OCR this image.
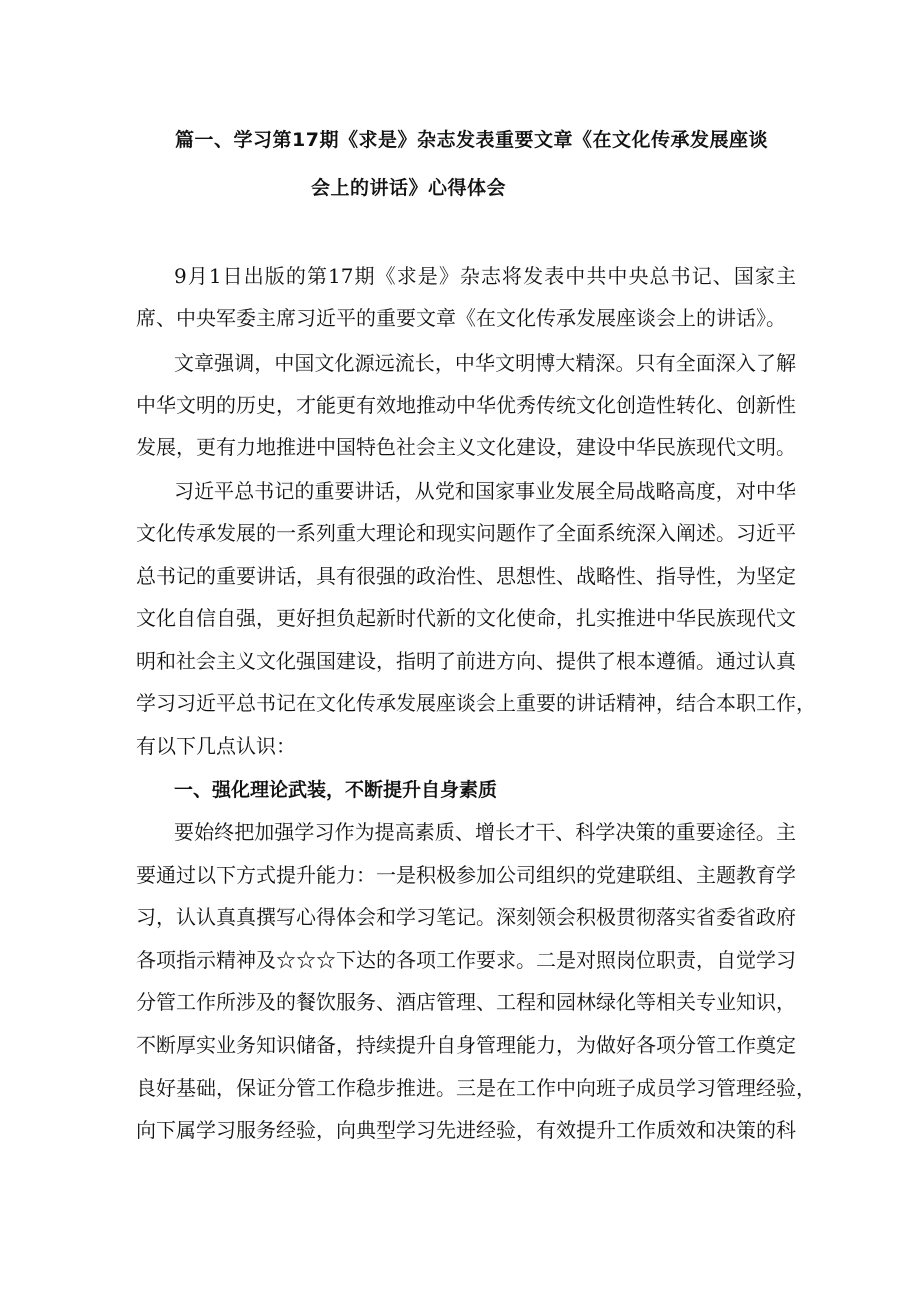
篇一、学习第17期《求是》杂志发表重要文章《在文化传承发展座谈
会上的讲话》心得体会

9月1日出版的第17期《求是》杂志将发表中共中央总书记、国家主

席、中央军委主席习近平的重要文章《在文化传承发展座谈会上的讲话》。

文章强调，中国文化源远流长，中华文明博大精深。只有全面深入了解

中华文明的历史，才能更有效地推动中华优秀传统文化创造性转化、创新性

发展，更有力地推进中国特色社会主义文化建设，建设中华民族现代文明。

习近平总书记的重要讲话，从党和国家事业发展全局战略高度，对中华

文化传承发展的一系列重大理论和现实问题作了全面系统深入阐述。习近平

总书记的重要讲话，具有很强的政治性、思想性、战略性、指导性，为坚定

文化自信自强，更好担负起新时代新的文化使命，扎实推进中华民族现代文

明和社会主义文化强国建设，指明了前进方向、提供了根本遵循。通过认真

学习习近平总书记在文化传承发展座谈会上重要的讲话精神，结合本职工作，

有以下几点认识：

一、强化理论武装，不断提升自身素质

要始终把加强学习作为提高素质、增长才干、科学决策的重要途径。主

要通过以下方式提升能力：一是积极参加公司组织的党建联组、主题教育学

习，认认真真撰写心得体会和学习笔记。深刻领会积极贯彻落实省委省政府

各项指示精神及☆☆☆下达的各项工作要求。二是对照岗位职责，自觉学习

分管工作所涉及的餐饮服务、酒店管理、工程和园林绿化等相关专业知识，

不断厚实业务知识储备，持续提升自身管理能力，为做好各项分管工作奠定

良好基础，保证分管工作稳步推进。三是在工作中向班子成员学习管理经验，

向下属学习服务经验，向典型学习先进经验，有效提升工作质效和决策的科
